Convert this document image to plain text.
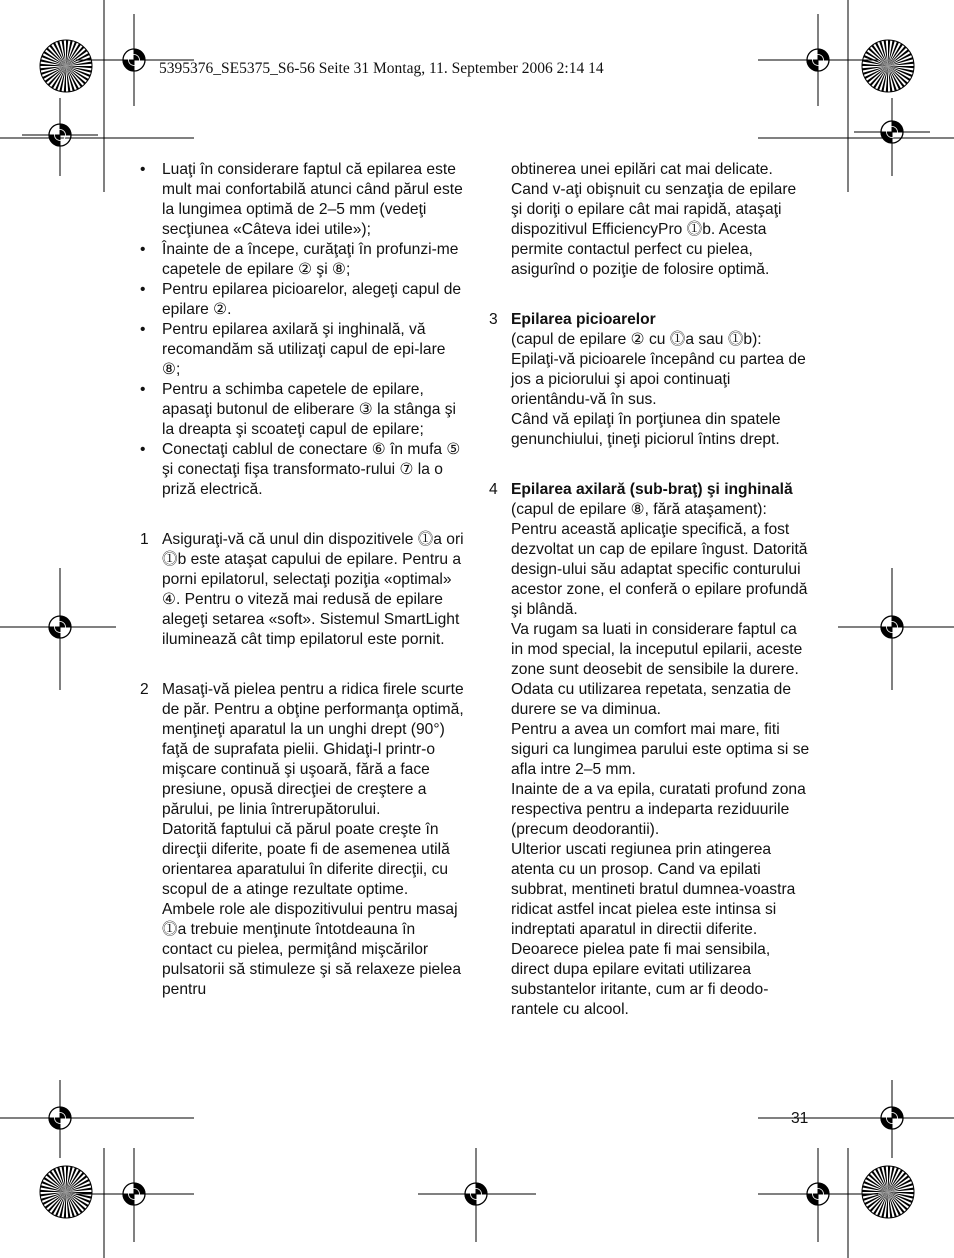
5395376_SE5375_S6-56 Seite 31 Montag, 11. September 2006 2:14 14
• Luaţi în considerare faptul că epilarea este mult mai confortabilă atunci când părul este la lungimea optimă de 2–5 mm (vedeţi secţiunea «Câteva idei utile»);
• Înainte de a începe, curăţaţi în profunzi-me capetele de epilare ② şi ⑧;
• Pentru epilarea picioarelor, alegeţi capul de epilare ②.
• Pentru epilarea axilară şi inghinală, vă recomandăm să utilizaţi capul de epi-lare ⑧;
• Pentru a schimba capetele de epilare, apasaţi butonul de eliberare ③ la stânga şi la dreapta şi scoateţi capul de epilare;
• Conectaţi cablul de conectare ⑥ în mufa ⑤ şi conectaţi fişa transformato-rului ⑦ la o priză electrică.
1 Asiguraţi-vă că unul din dispozitivele ⓵a ori ⓵b este ataşat capului de epilare. Pentru a porni epilatorul, selectaţi poziţia «optimal» ④. Pentru o viteză mai redusă de epilare alegeţi setarea «soft». Sistemul SmartLight iluminează cât timp epilatorul este pornit.

2 Masaţi-vă pielea pentru a ridica firele scurte de păr. Pentru a obţine performanţa optimă, menţineţi aparatul la un unghi drept (90°) faţă de suprafata pielii. Ghidaţi-l printr-o mişcare continuă şi uşoară, fără a face presiune, opusă direcţiei de creştere a părului, pe linia întrerupătorului.

Datorită faptului că părul poate creşte în direcţii diferite, poate fi de asemenea utilă orientarea aparatului în diferite direcţii, cu scopul de a atinge rezultate optime.

Ambele role ale dispozitivului pentru masaj ⓵a trebuie menţinute întotdeauna în contact cu pielea, permiţând mişcărilor pulsatorii să stimuleze şi să relaxeze pielea pentru

obtinerea unei epilări cat mai delicate. Cand v-aţi obişnuit cu senzaţia de epilare şi doriţi o epilare cât mai rapidă, ataşaţi dispozitivul EfficiencyPro ⓵b. Acesta permite contactul perfect cu pielea, asigurînd o poziţie de folosire optimă.

3 Epilarea picioarelor

(capul de epilare ② cu ⓵a sau ⓵b): Epilaţi-vă picioarele începând cu partea de jos a piciorului şi apoi continuaţi orientându-vă în sus.

Când vă epilaţi în porţiunea din spatele genunchiului, ţineţi piciorul întins drept.

4 Epilarea axilară (sub-braţ) şi inghinală

(capul de epilare ⑧, fără ataşament): Pentru această aplicaţie specifică, a fost dezvoltat un cap de epilare îngust. Datorită design-ului său adaptat specific conturului acestor zone, el conferă o epilare profundă şi blândă.

Va rugam sa luati in considerare faptul ca in mod special, la inceputul epilarii, aceste zone sunt deosebit de sensibile la durere. Odata cu utilizarea repetata, senzatia de durere se va diminua.

Pentru a avea un comfort mai mare, fiti siguri ca lungimea parului este optima si se afla intre 2–5 mm.

Inainte de a va epila, curatati profund zona respectiva pentru a indeparta reziduurile (precum deodorantii).

Ulterior uscati regiunea prin atingerea atenta cu un prosop. Cand va epilati subbrat, mentineti bratul dumnea-voastra ridicat astfel incat pielea este intinsa si indreptati aparatul in directii diferite.

Deoarece pielea pate fi mai sensibila, direct dupa epilare evitati utilizarea substantelor iritante, cum ar fi deodo-rantele cu alcool.

31
